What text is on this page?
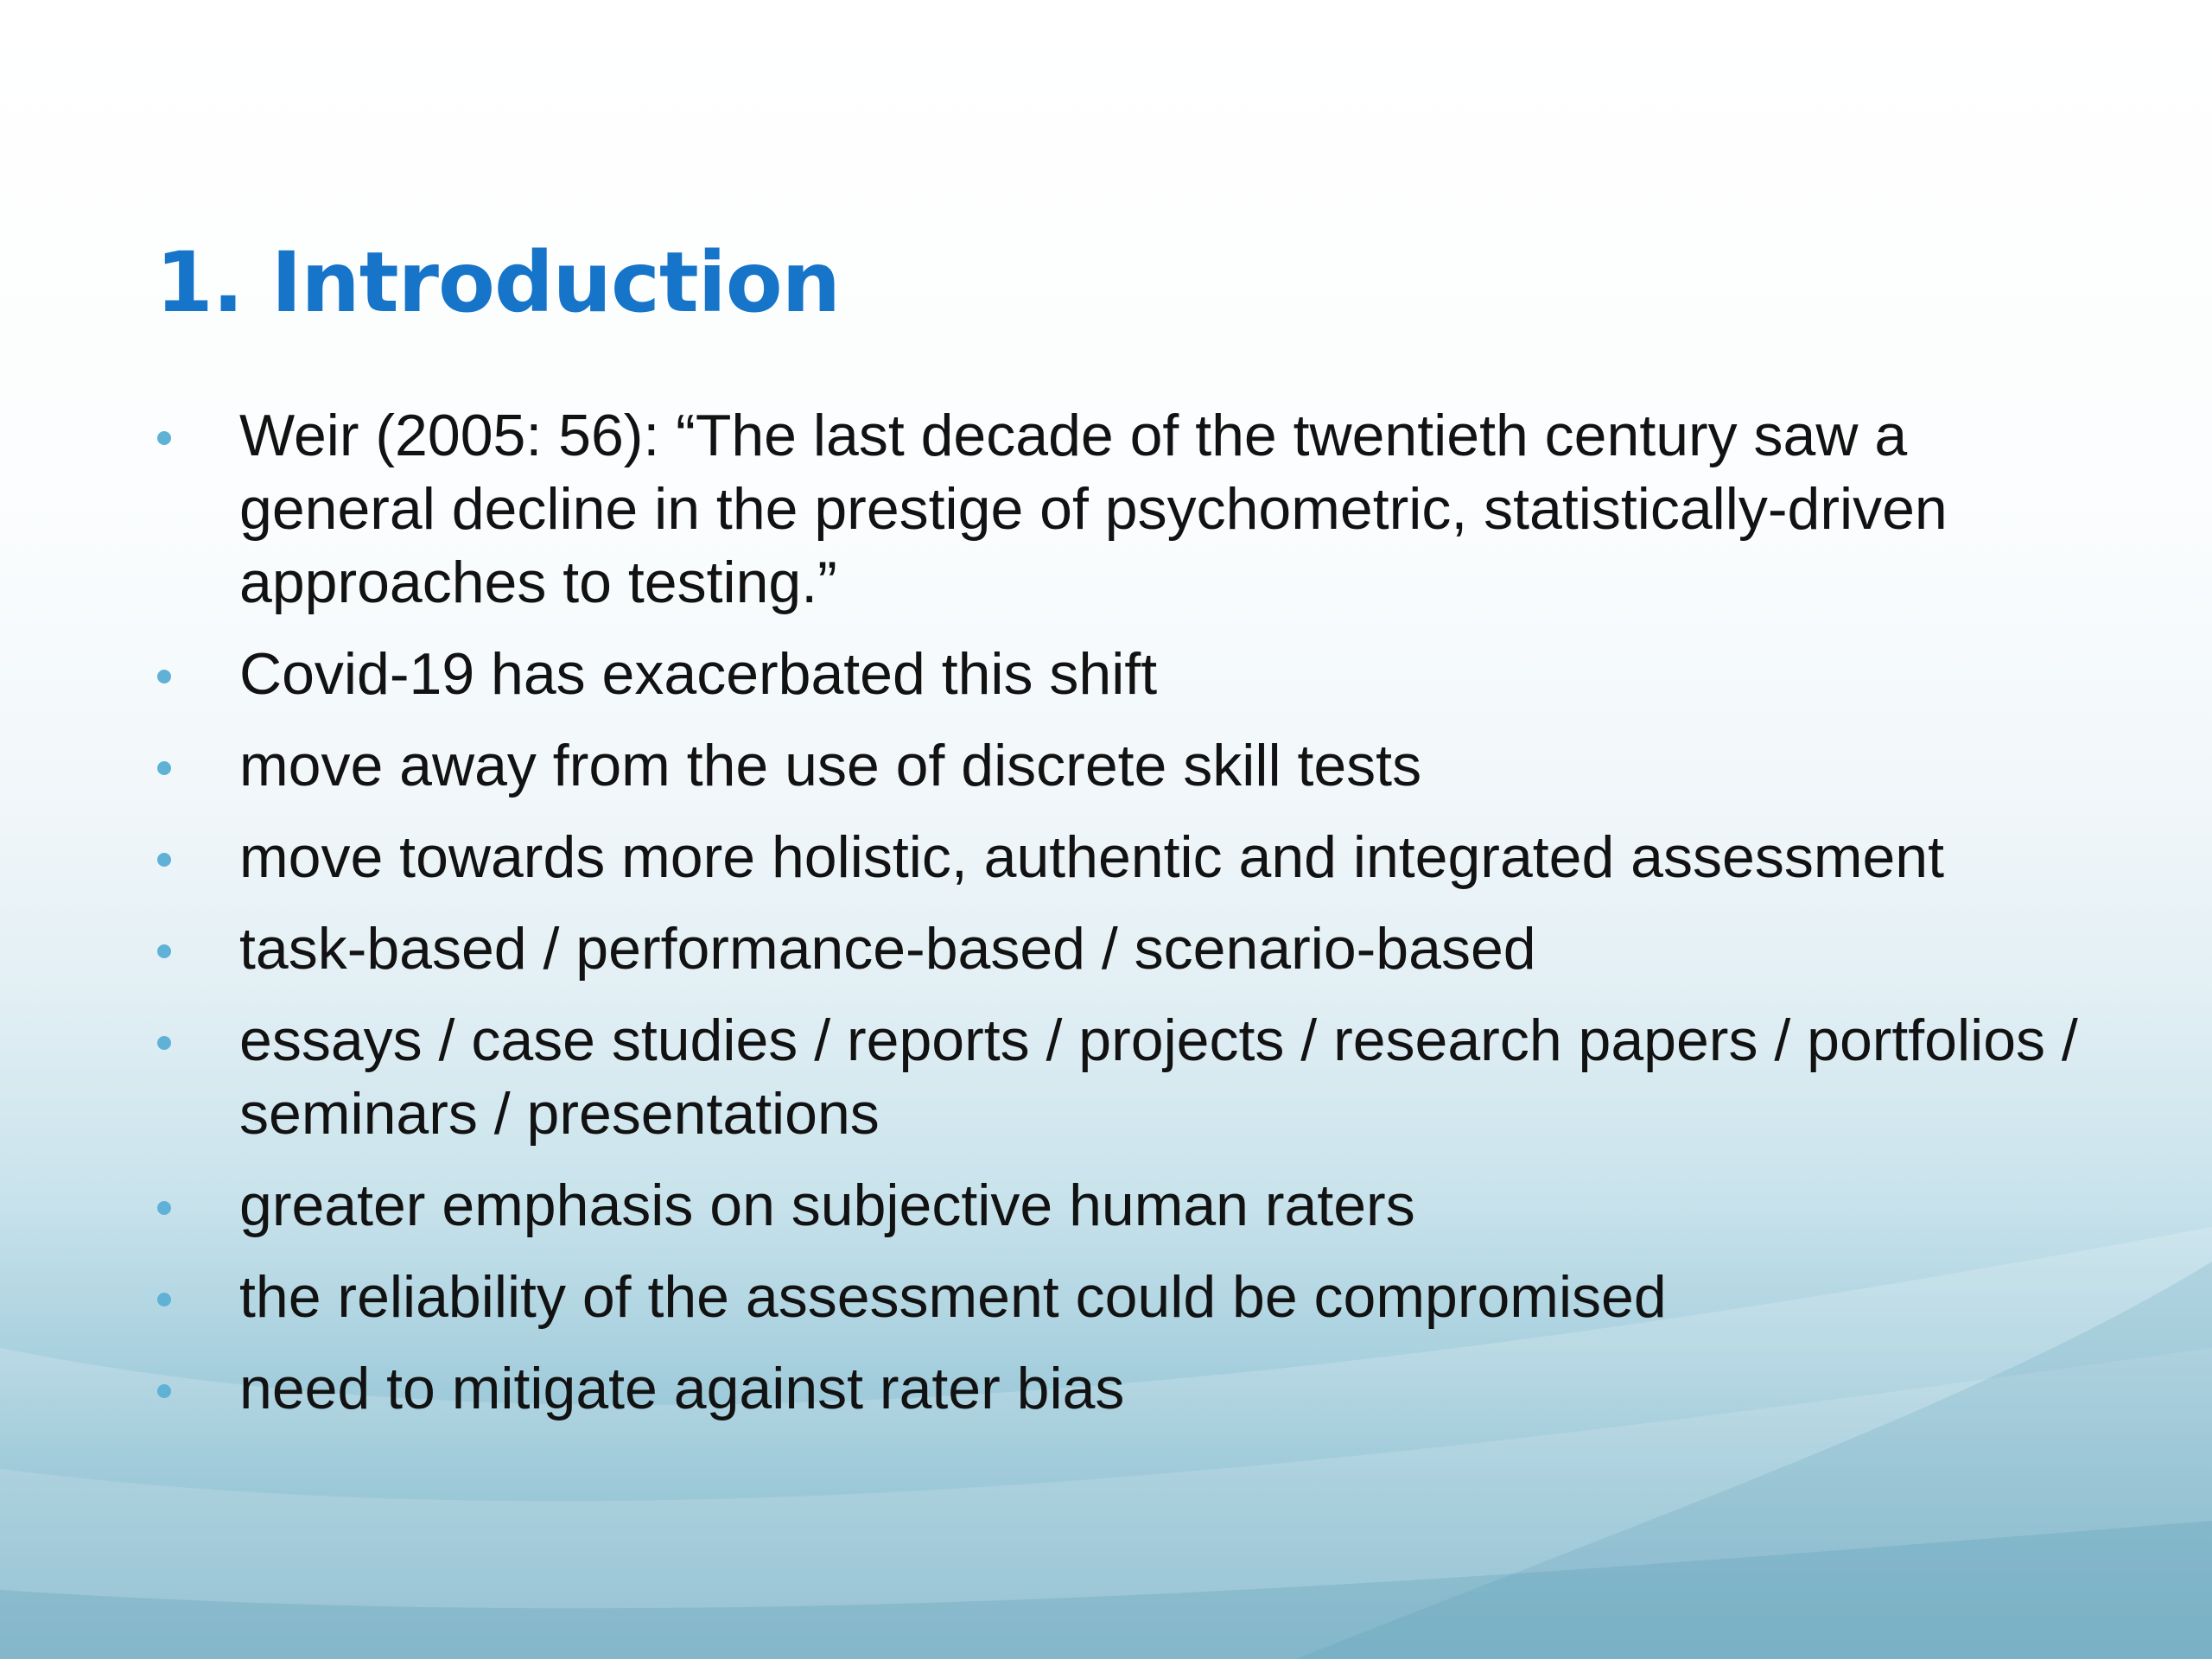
1. Introduction
Weir (2005: 56): “The last decade of the twentieth century saw a general decline in the prestige of psychometric, statistically-driven approaches to testing.”
Covid-19 has exacerbated this shift
move away from the use of discrete skill tests
move towards more holistic, authentic and integrated assessment
task-based / performance-based / scenario-based
essays / case studies / reports / projects / research papers / portfolios / seminars / presentations
greater emphasis on subjective human raters
the reliability of the assessment could be compromised
need to mitigate against rater bias
